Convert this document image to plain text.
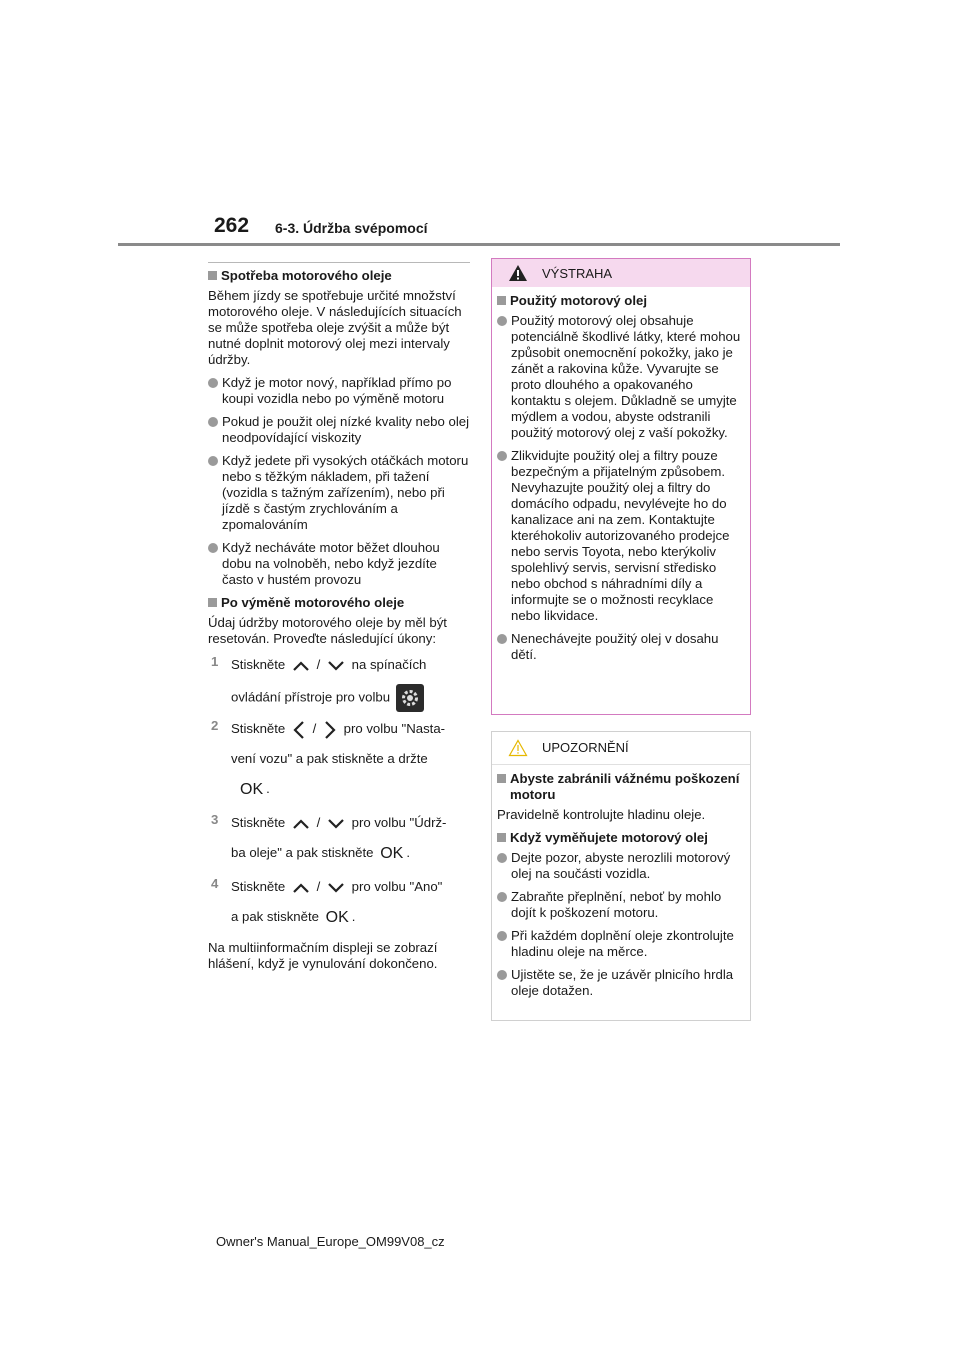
262 6-3. Údržba svépomocí
Spotřeba motorového oleje

Během jízdy se spotřebuje určité množství motorového oleje. V následujících situacích se může spotřeba oleje zvýšit a může být nutné doplnit motorový olej mezi intervaly údržby.

Když je motor nový, například přímo po koupi vozidla nebo po výměně motoru
Pokud je použit olej nízké kvality nebo olej neodpovídající viskozity
Když jedete při vysokých otáčkách motoru nebo s těžkým nákladem, při tažení (vozidla s tažným zařízením), nebo při jízdě s častým zrychlováním a zpomalováním
Když necháváte motor běžet dlouhou dobu na volnoběh, nebo když jezdíte často v hustém provozu
Po výměně motorového oleje

Údaj údržby motorového oleje by měl být resetován. Proveďte následující úkony:

1 Stiskněte / na spínačích
ovládání přístroje pro volbu
2 Stiskněte / pro volbu "Nasta-
vení vozu" a pak stiskněte a držte
OK .
3 Stiskněte / pro volbu "Údrž-
ba oleje" a pak stiskněte OK .
4 Stiskněte / pro volbu "Ano"
a pak stiskněte OK .

Na multiinformačním displeji se zobrazí hlášení, když je vynulování dokončeno.

VÝSTRAHA
Použitý motorový olej
Použitý motorový olej obsahuje potenciálně škodlivé látky, které mohou způsobit onemocnění pokožky, jako je zánět a rakovina kůže. Vyvarujte se proto dlouhého a opakovaného kontaktu s olejem. Důkladně se umyjte mýdlem a vodou, abyste odstranili použitý motorový olej z vaší pokožky.
Zlikvidujte použitý olej a filtry pouze bezpečným a přijatelným způsobem. Nevyhazujte použitý olej a filtry do domácího odpadu, nevylévejte ho do kanalizace ani na zem. Kontaktujte kteréhokoliv autorizovaného prodejce nebo servis Toyota, nebo kterýkoliv spolehlivý servis, servisní středisko nebo obchod s náhradními díly a informujte se o možnosti recyklace nebo likvidace.
Nenechávejte použitý olej v dosahu dětí.
UPOZORNĚNÍ
Abyste zabránili vážnému poškození motoru

Pravidelně kontrolujte hladinu oleje.

Když vyměňujete motorový olej
Dejte pozor, abyste nerozlili motorový olej na součásti vozidla.
Zabraňte přeplnění, neboť by mohlo dojít k poškození motoru.
Při každém doplnění oleje zkontrolujte hladinu oleje na měrce.
Ujistěte se, že je uzávěr plnicího hrdla oleje dotažen.
Owner's Manual_Europe_OM99V08_cz
